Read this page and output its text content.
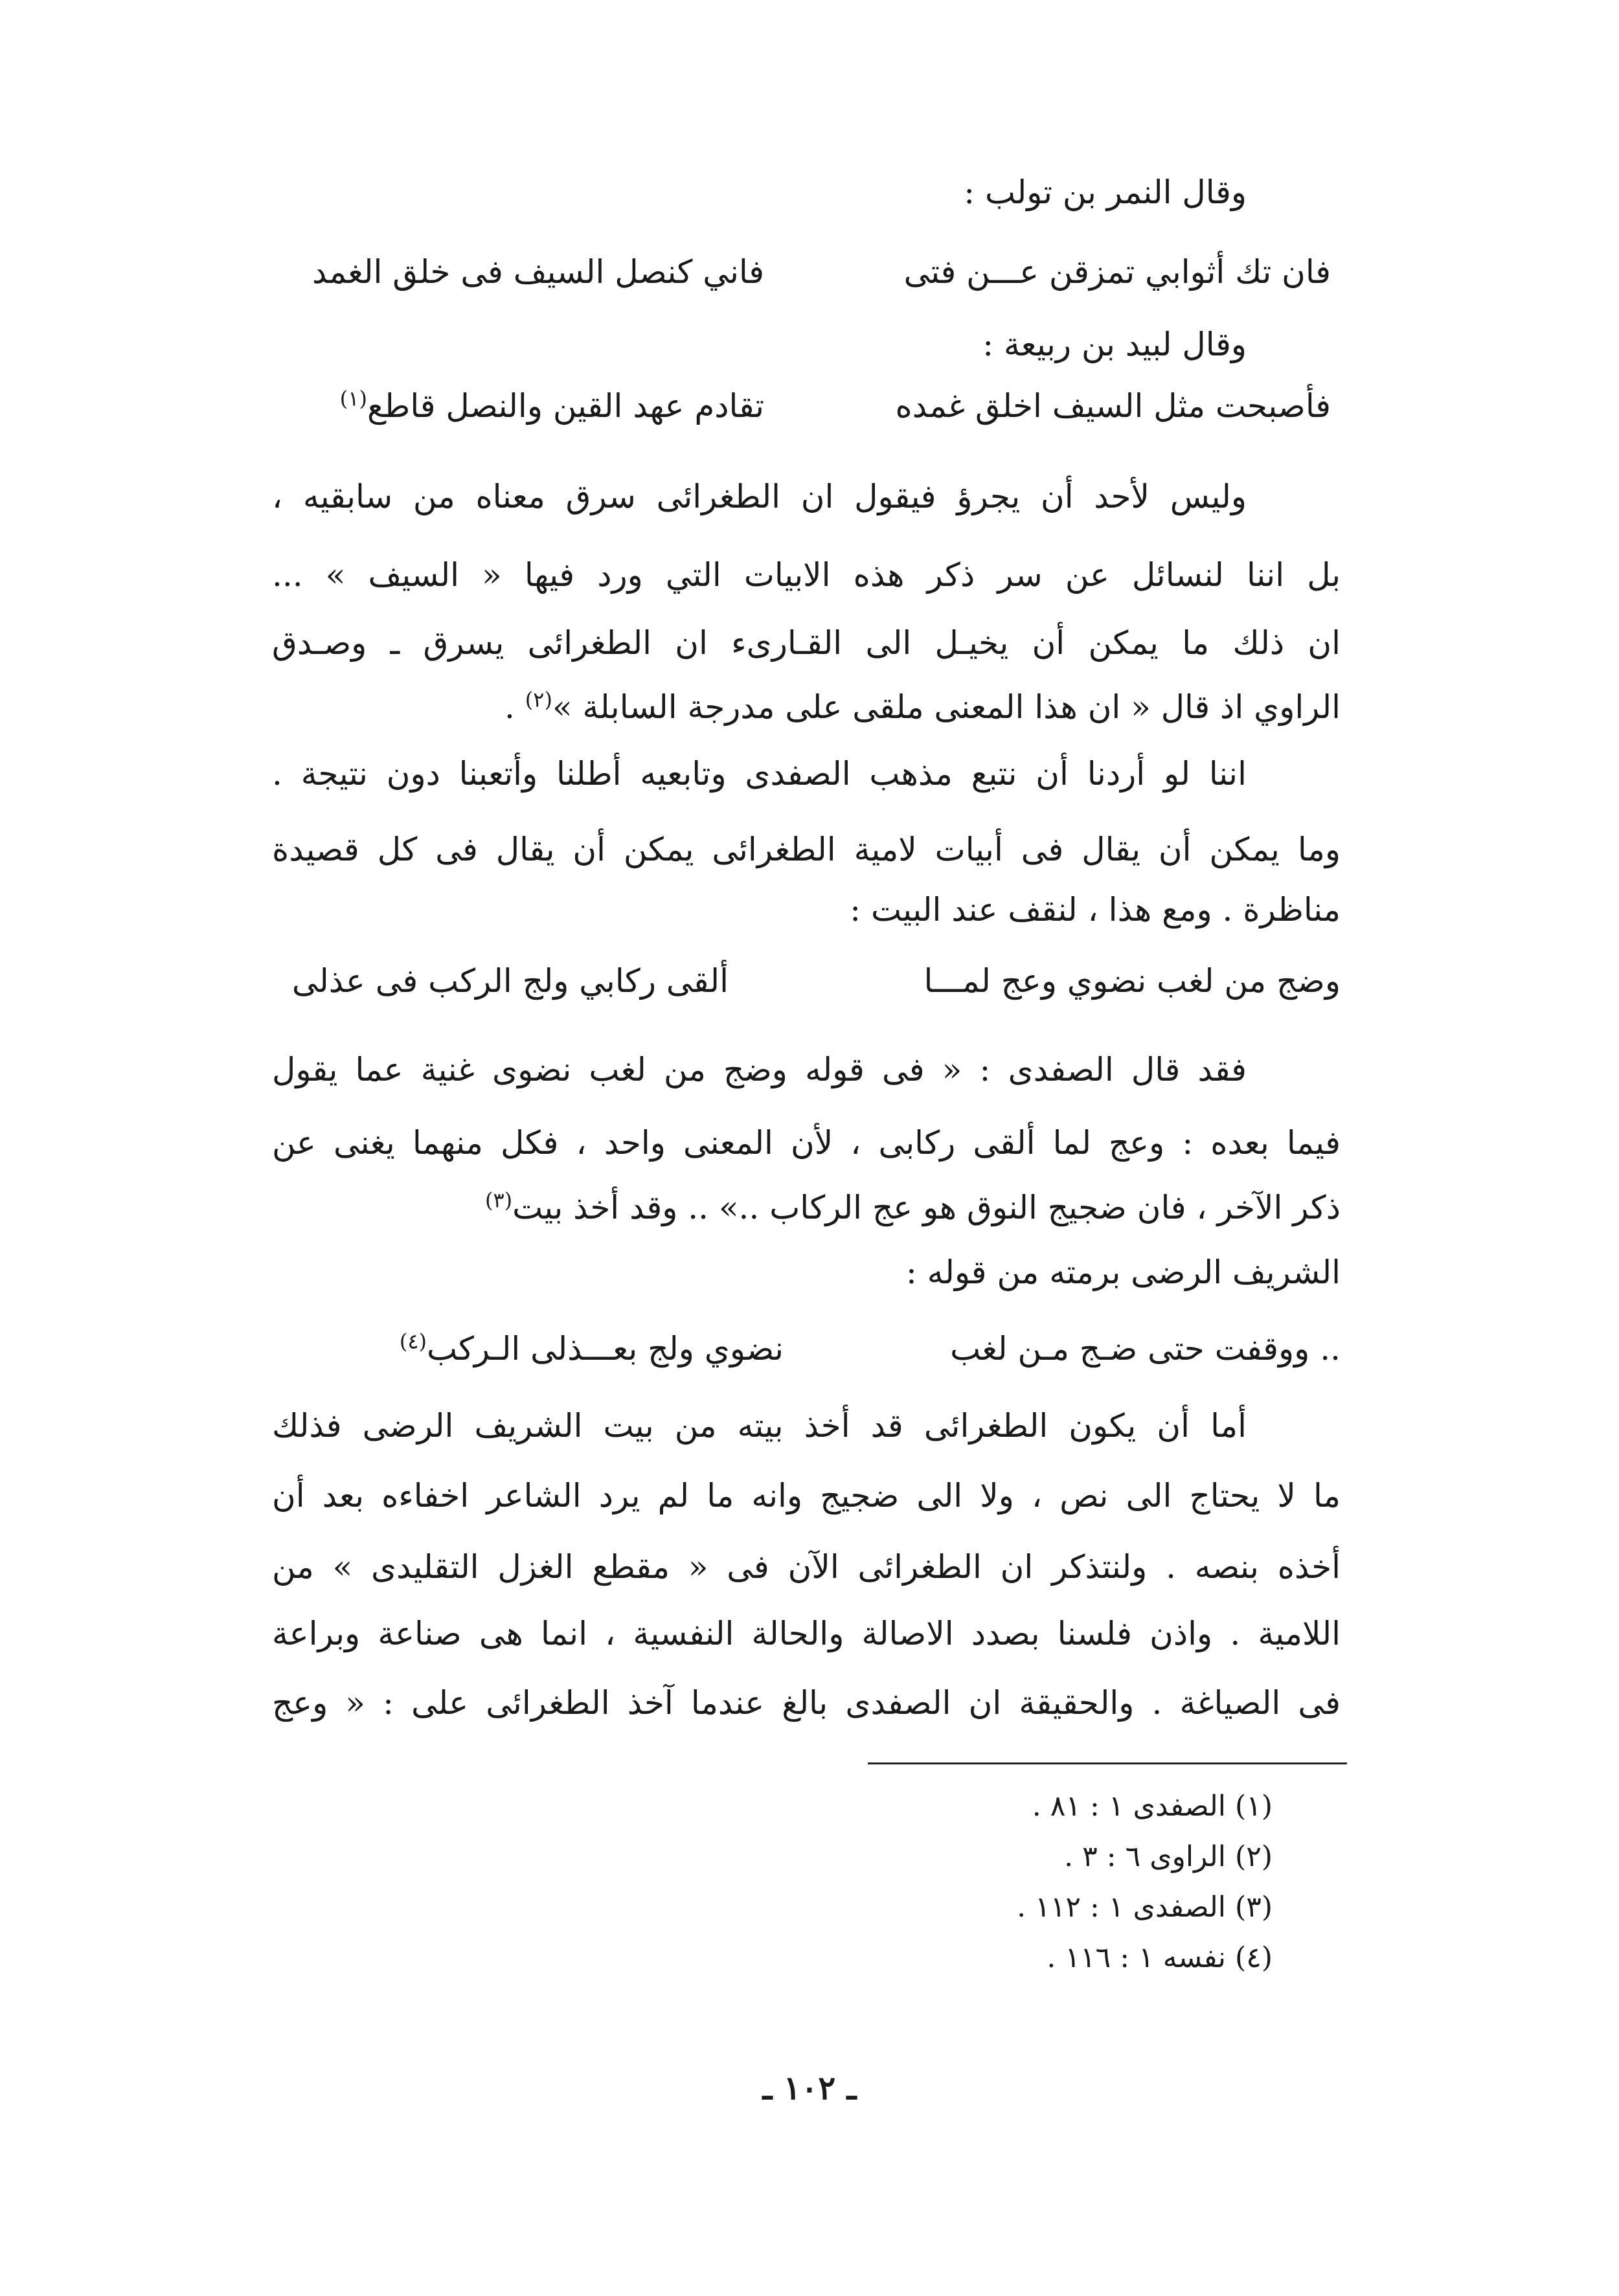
وقال النمر بن تولب :
فان تك أثوابي تمزقن عـــن فتى
فاني كنصل السيف فى خلق الغمد
وقال لبيد بن ربيعة :
فأصبحت مثل السيف اخلق غمده
تقادم عهد القين والنصل قاطع$^{(١)}$
وليس لأحد أن يجرؤ فيقول ان الطغرائى سرق معناه من سابقيه ،
بل اننا لنسائل عن سر ذكر هذه الابيات التي ورد فيها « السيف » ...
ان ذلك ما يمكن أن يخيـل الى القـارىء ان الطغرائى يسرق ـ وصـدق
الراوي اذ قال « ان هذا المعنى ملقى على مدرجة السابلة »$^{(٢)}$ .
اننا لو أردنا أن نتبع مذهب الصفدى وتابعيه أطلنا وأتعبنا دون نتيجة .
وما يمكن أن يقال فى أبيات لامية الطغرائى يمكن أن يقال فى كل قصيدة
مناظرة . ومع هذا ، لنقف عند البيت :
وضج من لغب نضوي وعج لمـــا
ألقى ركابي ولج الركب فى عذلى
فقد قال الصفدى : « فى قوله وضج من لغب نضوى غنية عما يقول
فيما بعده : وعج لما ألقى ركابى ، لأن المعنى واحد ، فكل منهما يغنى عن
ذكر الآخر ، فان ضجيج النوق هو عج الركاب ..» .. وقد أخذ بيت$^{(٣)}$
الشريف الرضى برمته من قوله :
.. ووقفت حتى ضـج مـن لغب
نضوي ولج بعـــذلى الـركب$^{(٤)}$
أما أن يكون الطغرائى قد أخذ بيته من بيت الشريف الرضى فذلك
ما لا يحتاج الى نص ، ولا الى ضجيج وانه ما لم يرد الشاعر اخفاءه بعد أن
أخذه بنصه . ولنتذكر ان الطغرائى الآن فى « مقطع الغزل التقليدى » من
اللامية . واذن فلسنا بصدد الاصالة والحالة النفسية ، انما هى صناعة وبراعة
فى الصياغة . والحقيقة ان الصفدى بالغ عندما آخذ الطغرائى على : « وعج
(١) الصفدى ١ : ٨١ .
(٢) الراوى ٦ : ٣ .
(٣) الصفدى ١ : ١١٢ .
(٤) نفسه ١ : ١١٦ .
ـ ١٠٢ ـ
